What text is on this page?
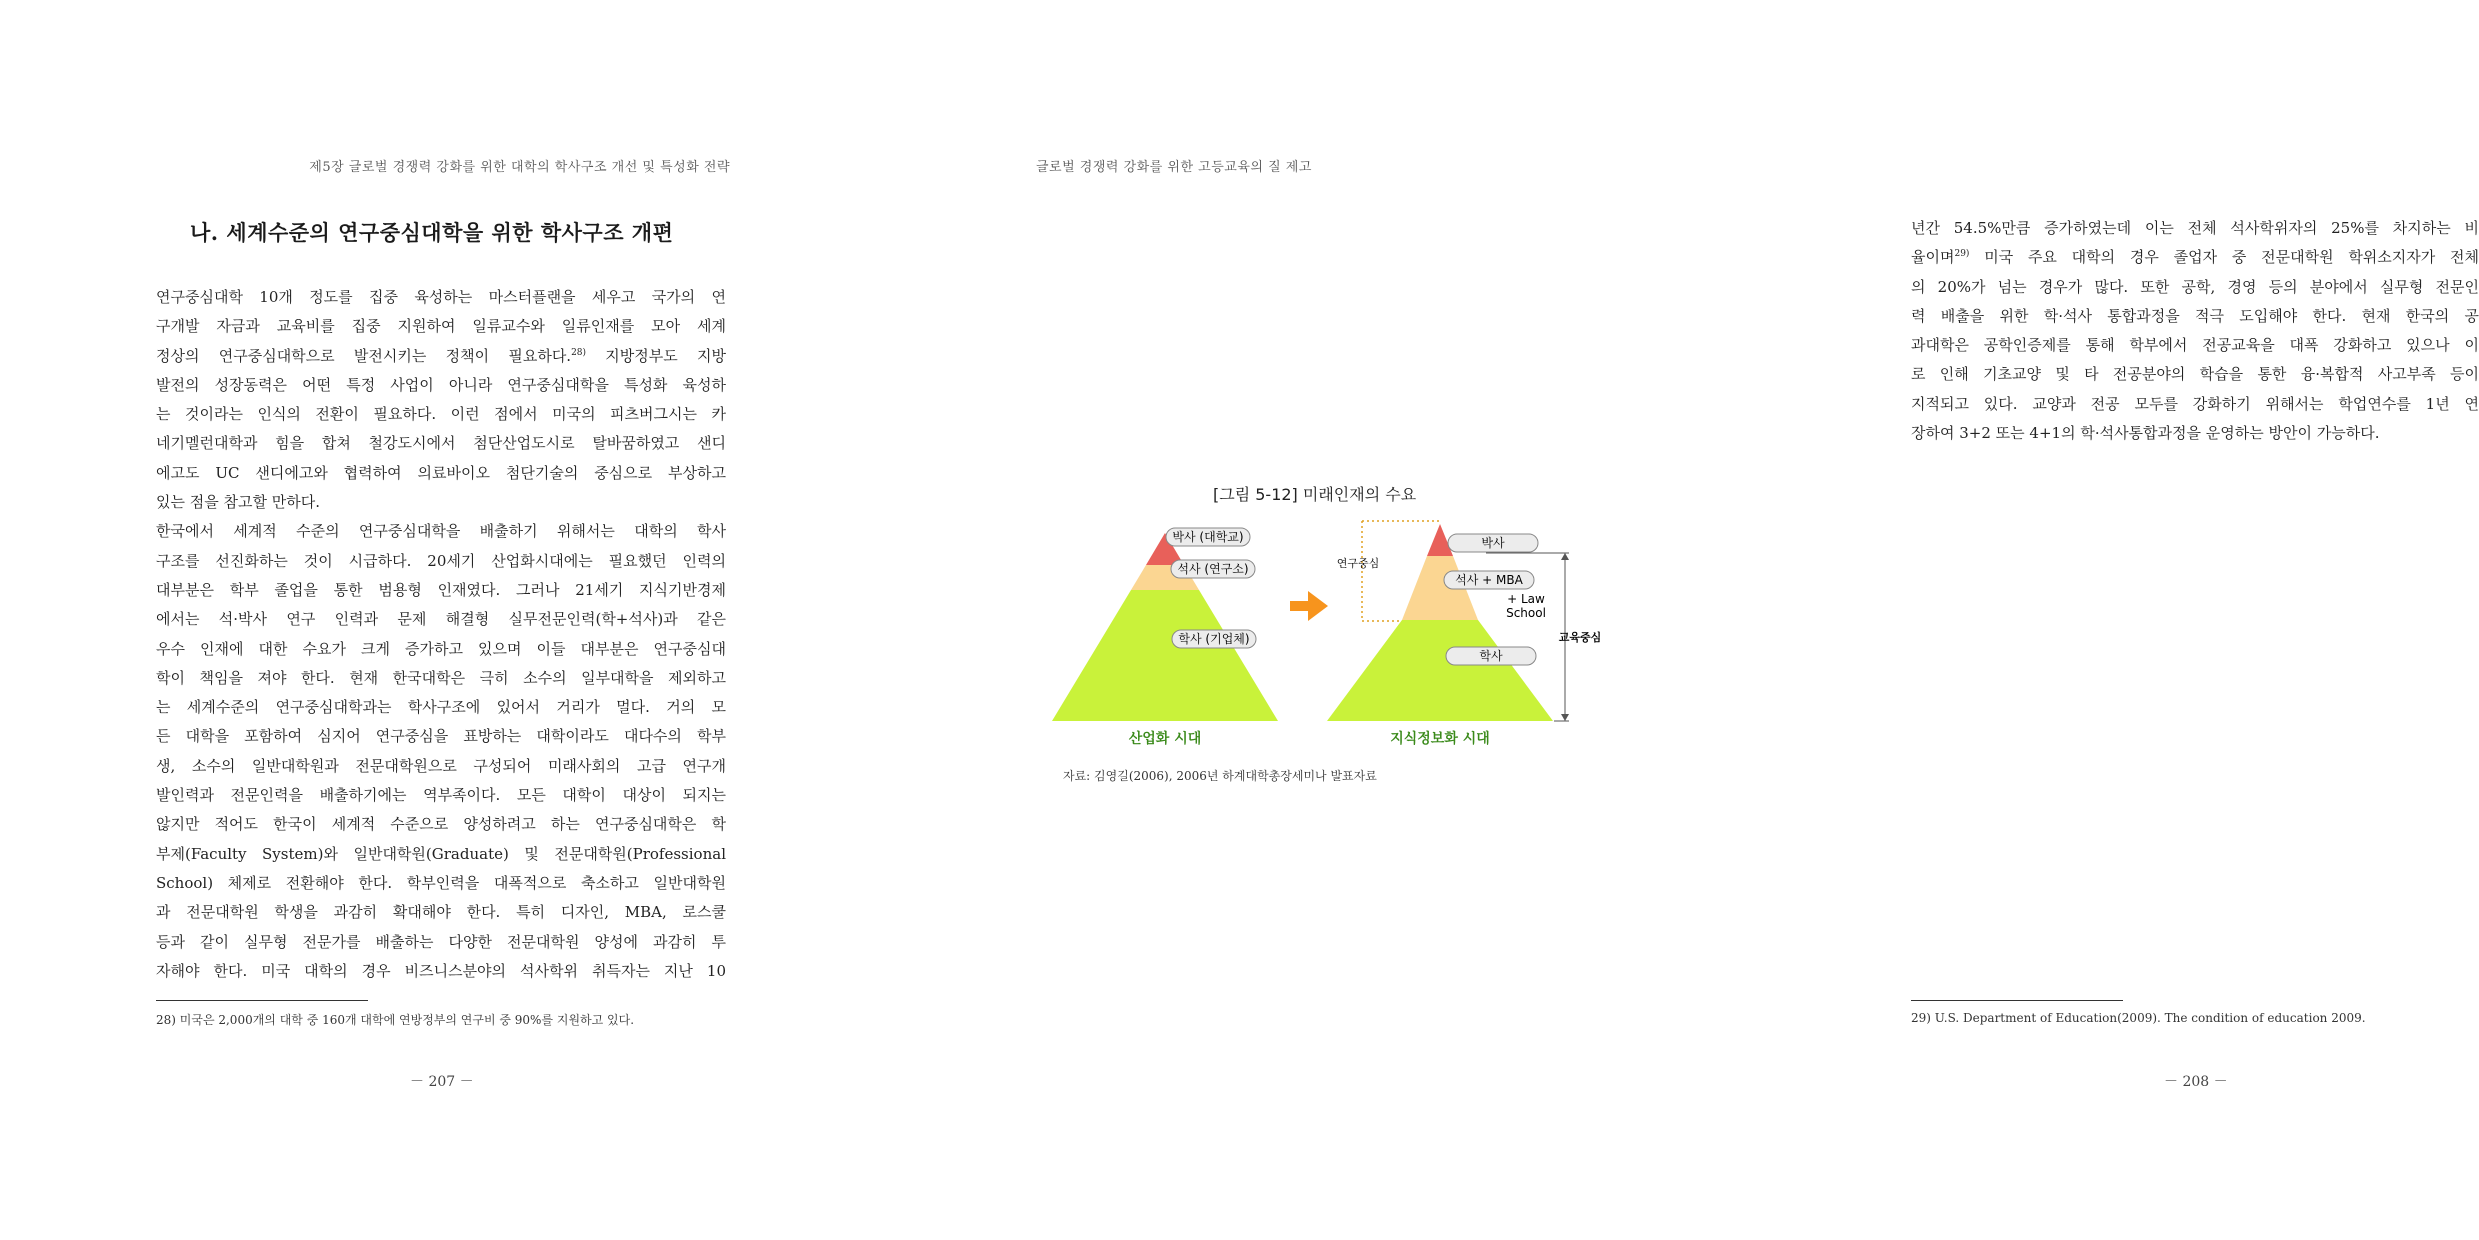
제5장 글로벌 경쟁력 강화를 위한 대학의 학사구조 개선 및 특성화 전략
나. 세계수준의 연구중심대학을 위한 학사구조 개편
연구중심대학 10개 정도를 집중 육성하는 마스터플랜을 세우고 국가의 연
구개발 자금과 교육비를 집중 지원하여 일류교수와 일류인재를 모아 세계
정상의 연구중심대학으로 발전시키는 정책이 필요하다.$^{28)}$ 지방정부도 지방
발전의 성장동력은 어떤 특정 사업이 아니라 연구중심대학을 특성화 육성하
는 것이라는 인식의 전환이 필요하다. 이런 점에서 미국의 피츠버그시는 카
네기멜런대학과 힘을 합쳐 철강도시에서 첨단산업도시로 탈바꿈하였고 샌디
에고도 UC 샌디에고와 협력하여 의료바이오 첨단기술의 중심으로 부상하고
있는 점을 참고할 만하다.
한국에서 세계적 수준의 연구중심대학을 배출하기 위해서는 대학의 학사
구조를 선진화하는 것이 시급하다. 20세기 산업화시대에는 필요했던 인력의
대부분은 학부 졸업을 통한 범용형 인재였다. 그러나 21세기 지식기반경제
에서는 석·박사 연구 인력과 문제 해결형 실무전문인력(학+석사)과 같은
우수 인재에 대한 수요가 크게 증가하고 있으며 이들 대부분은 연구중심대
학이 책임을 져야 한다. 현재 한국대학은 극히 소수의 일부대학을 제외하고
는 세계수준의 연구중심대학과는 학사구조에 있어서 거리가 멀다. 거의 모
든 대학을 포함하여 심지어 연구중심을 표방하는 대학이라도 대다수의 학부
생, 소수의 일반대학원과 전문대학원으로 구성되어 미래사회의 고급 연구개
발인력과 전문인력을 배출하기에는 역부족이다. 모든 대학이 대상이 되지는
않지만 적어도 한국이 세계적 수준으로 양성하려고 하는 연구중심대학은 학
부제(Faculty System)와 일반대학원(Graduate) 및 전문대학원(Professional
School) 체제로 전환해야 한다. 학부인력을 대폭적으로 축소하고 일반대학원
과 전문대학원 학생을 과감히 확대해야 한다. 특히 디자인, MBA, 로스쿨
등과 같이 실무형 전문가를 배출하는 다양한 전문대학원 양성에 과감히 투
자해야 한다. 미국 대학의 경우 비즈니스분야의 석사학위 취득자는 지난 10
28) 미국은 2,000개의 대학 중 160개 대학에 연방정부의 연구비 중 90%를 지원하고 있다.
－ 207 －
글로벌 경쟁력 강화를 위한 고등교육의 질 제고
년간 54.5%만큼 증가하였는데 이는 전체 석사학위자의 25%를 차지하는 비
율이며$^{29)}$ 미국 주요 대학의 경우 졸업자 중 전문대학원 학위소지자가 전체
의 20%가 넘는 경우가 많다. 또한 공학, 경영 등의 분야에서 실무형 전문인
력 배출을 위한 학·석사 통합과정을 적극 도입해야 한다. 현재 한국의 공
과대학은 공학인증제를 통해 학부에서 전공교육을 대폭 강화하고 있으나 이
로 인해 기초교양 및 타 전공분야의 학습을 통한 융·복합적 사고부족 등이
지적되고 있다. 교양과 전공 모두를 강화하기 위해서는 학업연수를 1년 연
장하여 3+2 또는 4+1의 학·석사통합과정을 운영하는 방안이 가능하다.
29) U.S. Department of Education(2009). The condition of education 2009.
－ 208 －
[그림 5-12] 미래인재의 수요
박사 (대학교)
석사 (연구소)
학사 (기업체)
산업화 시대
연구중심
교육중심
박사
석사 + MBA
+ Law
School
학사
지식정보화 시대
자료: 김영길(2006), 2006년 하계대학총장세미나 발표자료
